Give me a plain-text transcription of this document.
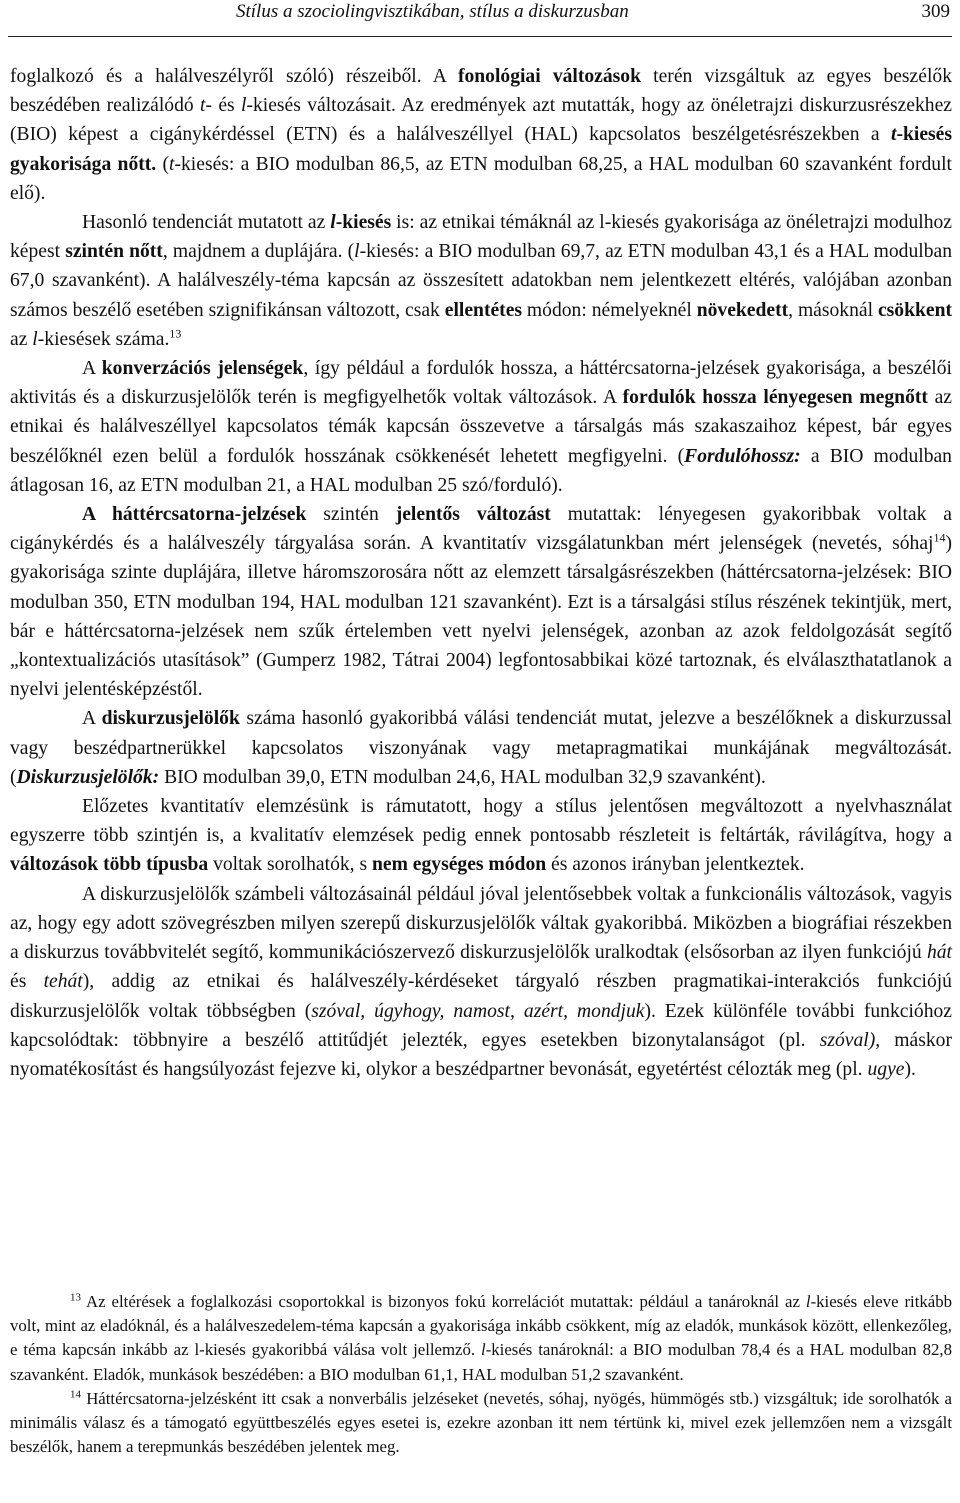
Stílus a szociolingvisztikában, stílus a diskurzusban	309

foglalkozó és a halálveszélyről szóló) részeiből. A fonológiai változások terén vizsgáltuk az egyes beszélők beszédében realizálódó t- és l-kiesés változásait. Az eredmények azt mutatták, hogy az önéletrajzi diskurzusrészekhez (BIO) képest a cigánykérdéssel (ETN) és a halálveszéllyel (HAL) kapcsolatos beszélgetésrészekben a t-kiesés gyakorisága nőtt. (t-kiesés: a BIO modulban 86,5, az ETN modulban 68,25, a HAL modulban 60 szavanként fordult elő).

Hasonló tendenciát mutatott az l-kiesés is: az etnikai témáknál az l-kiesés gyakorisága az önéletrajzi modulhoz képest szintén nőtt, majdnem a duplájára. (l-kiesés: a BIO modulban 69,7, az ETN modulban 43,1 és a HAL modulban 67,0 szavanként). A halálveszély-téma kapcsán az összesített adatokban nem jelentkezett eltérés, valójában azonban számos beszélő esetében szignifikánsan változott, csak ellentétes módon: némelyeknél növekedett, másoknál csökkent az l-kiesések száma.$^{13}$

A konverzációs jelenségek, így például a fordulók hossza, a háttércsatorna-jelzések gyakorisága, a beszélői aktivitás és a diskurzusjelölők terén is megfigyelhetők voltak változások. A fordulók hossza lényegesen megnőtt az etnikai és halálveszéllyel kapcsolatos témák kapcsán összevetve a társalgás más szakaszaihoz képest, bár egyes beszélőknél ezen belül a fordulók hosszának csökkenését lehetett megfigyelni. (Fordulóhossz: a BIO modulban átlagosan 16, az ETN modulban 21, a HAL modulban 25 szó/forduló).

A háttércsatorna-jelzések szintén jelentős változást mutattak: lényegesen gyakoribbak voltak a cigánykérdés és a halálveszély tárgyalása során. A kvantitatív vizsgálatunkban mért jelenségek (nevetés, sóhaj$^{14}$) gyakorisága szinte duplájára, illetve háromszorosára nőtt az elemzett társalgásrészekben (háttércsatorna-jelzések: BIO modulban 350, ETN modulban 194, HAL modulban 121 szavanként). Ezt is a társalgási stílus részének tekintjük, mert, bár e háttércsatorna-jelzések nem szűk értelemben vett nyelvi jelenségek, azonban az azok feldolgozását segítő „kontextualizációs utasítások” (Gumperz 1982, Tátrai 2004) legfontosabbikai közé tartoznak, és elválaszthatatlanok a nyelvi jelentésképzéstől.

A diskurzusjelölők száma hasonló gyakoribbá válási tendenciát mutat, jelezve a beszélőknek a diskurzussal vagy beszédpartnerükkel kapcsolatos viszonyának vagy metapragmatikai munkájának megváltozását. (Diskurzusjelölők: BIO modulban 39,0, ETN modulban 24,6, HAL modulban 32,9 szavanként).

Előzetes kvantitatív elemzésünk is rámutatott, hogy a stílus jelentősen megváltozott a nyelvhasználat egyszerre több szintjén is, a kvalitatív elemzések pedig ennek pontosabb részleteit is feltárták, rávilágítva, hogy a változások több típusba voltak sorolhatók, s nem egységes módon és azonos irányban jelentkeztek.

A diskurzusjelölők számbeli változásainál például jóval jelentősebbek voltak a funkcionális változások, vagyis az, hogy egy adott szövegrészben milyen szerepű diskurzusjelölők váltak gyakoribbá. Miközben a biográfiai részekben a diskurzus továbbvitelét segítő, kommunikációszervező diskurzusjelölők uralkodtak (elsősorban az ilyen funkciójú hát és tehát), addig az etnikai és halálveszély-kérdéseket tárgyaló részben pragmatikai-interakciós funkciójú diskurzusjelölők voltak többségben (szóval, úgyhogy, namost, azért, mondjuk). Ezek különféle további funkcióhoz kapcsolódtak: többnyire a beszélő attitűdjét jelezték, egyes esetekben bizonytalanságot (pl. szóval), máskor nyomatékosítást és hangsúlyozást fejezve ki, olykor a beszédpartner bevonását, egyetértést célozták meg (pl. ugye).

$^{13}$ Az eltérések a foglalkozási csoportokkal is bizonyos fokú korrelációt mutattak: például a tanároknál az l-kiesés eleve ritkább volt, mint az eladóknál, és a halálveszedelem-téma kapcsán a gyakorisága inkább csökkent, míg az eladók, munkások között, ellenkezőleg, e téma kapcsán inkább az l-kiesés gyakoribbá válása volt jellemző. l-kiesés tanároknál: a BIO modulban 78,4 és a HAL modulban 82,8 szavanként. Eladók, munkások beszédében: a BIO modulban 61,1, HAL modulban 51,2 szavanként.

$^{14}$ Háttércsatorna-jelzésként itt csak a nonverbális jelzéseket (nevetés, sóhaj, nyögés, hümmögés stb.) vizsgáltuk; ide sorolhatók a minimális válasz és a támogató együttbeszélés egyes esetei is, ezekre azonban itt nem tértünk ki, mivel ezek jellemzően nem a vizsgált beszélők, hanem a terepmunkás beszédében jelentek meg.
